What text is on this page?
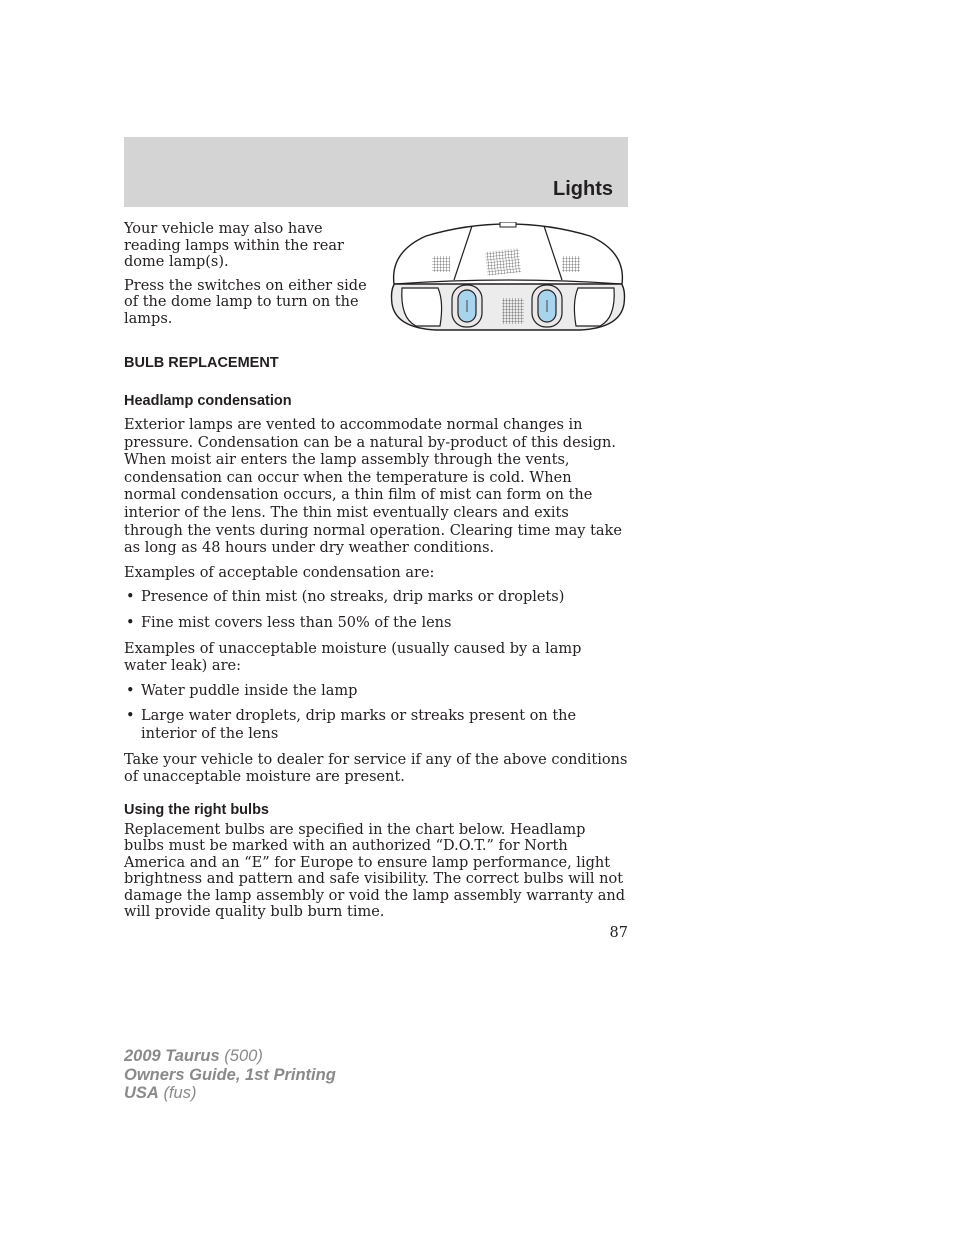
Lights

Your vehicle may also have reading lamps within the rear dome lamp(s).

Press the switches on either side of the dome lamp to turn on the lamps.

BULB REPLACEMENT
Headlamp condensation

Exterior lamps are vented to accommodate normal changes in pressure. Condensation can be a natural by-product of this design. When moist air enters the lamp assembly through the vents, condensation can occur when the temperature is cold. When normal condensation occurs, a thin film of mist can form on the interior of the lens. The thin mist eventually clears and exits through the vents during normal operation. Clearing time may take as long as 48 hours under dry weather conditions.

Examples of acceptable condensation are:

• Presence of thin mist (no streaks, drip marks or droplets)
• Fine mist covers less than 50% of the lens

Examples of unacceptable moisture (usually caused by a lamp water leak) are:

• Water puddle inside the lamp
• Large water droplets, drip marks or streaks present on the interior of the lens

Take your vehicle to dealer for service if any of the above conditions of unacceptable moisture are present.

Using the right bulbs

Replacement bulbs are specified in the chart below. Headlamp bulbs must be marked with an authorized “D.O.T.” for North America and an “E” for Europe to ensure lamp performance, light brightness and pattern and safe visibility. The correct bulbs will not damage the lamp assembly or void the lamp assembly warranty and will provide quality bulb burn time.

87
2009 Taurus (500)
Owners Guide, 1st Printing
USA (fus)
